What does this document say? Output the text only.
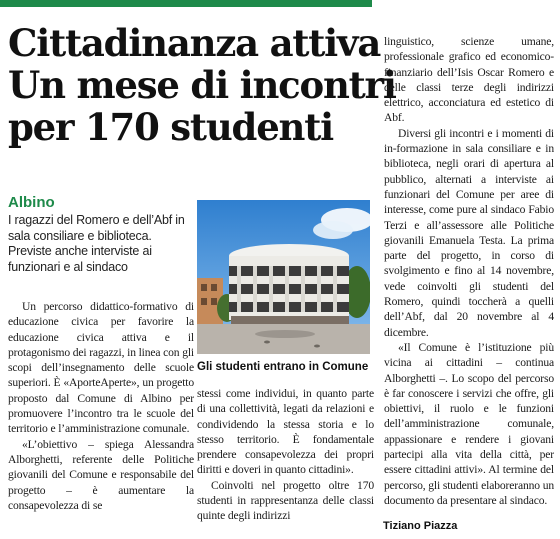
Cittadinanza attiva
Un mese di incontri
per 170 studenti
Albino
I ragazzi del Romero e dell’Abf in sala consiliare e biblioteca. Previste anche interviste ai funzionari e al sindaco

Un percorso didattico-formativo di educazione civica per favorire la educazione civica attiva e il protagonismo dei ragazzi, in linea con gli scopi dell’insegnamento delle scuole superiori. È «AporteAperte», un progetto proposto dal Comune di Albino per promuovere l’incontro tra le scuole del territorio e l’amministrazione comunale.

«L’obiettivo – spiega Alessandra Alborghetti, referente delle Politiche giovanili del Comune e responsabile del progetto – è aumentare la consapevolezza di se

Gli studenti entrano in Comune

stessi come individui, in quanto parte di una collettività, legati da relazioni e condividendo la stessa storia e lo stesso territorio. È fondamentale prendere consapevolezza dei propri diritti e doveri in quanto cittadini».

Coinvolti nel progetto oltre 170 studenti in rappresentanza delle classi quinte degli indirizzi

linguistico, scienze umane, professionale grafico ed economico-finanziario dell’Isis Oscar Romero e delle classi terze degli indirizzi elettrico, acconciatura ed estetico di Abf.

Diversi gli incontri e i momenti di in-formazione in sala consiliare e in biblioteca, negli orari di apertura al pubblico, alternati a interviste ai funzionari del Comune per aree di interesse, come pure al sindaco Fabio Terzi e all’assessore alle Politiche giovanili Emanuela Testa. La prima parte del progetto, in corso di svolgimento e fino al 14 novembre, vede coinvolti gli studenti del Romero, quindi toccherà a quelli dell’Abf, dal 20 novembre al 4 dicembre.

«Il Comune è l’istituzione più vicina ai cittadini – continua Alborghetti –. Lo scopo del percorso è far conoscere i servizi che offre, gli obiettivi, il ruolo e le funzioni dell’amministrazione comunale, appassionare e rendere i giovani partecipi alla vita della città, per essere cittadini attivi». Al termine del percorso, gli studenti elaboreranno un documento da presentare al sindaco.

Tiziano Piazza
